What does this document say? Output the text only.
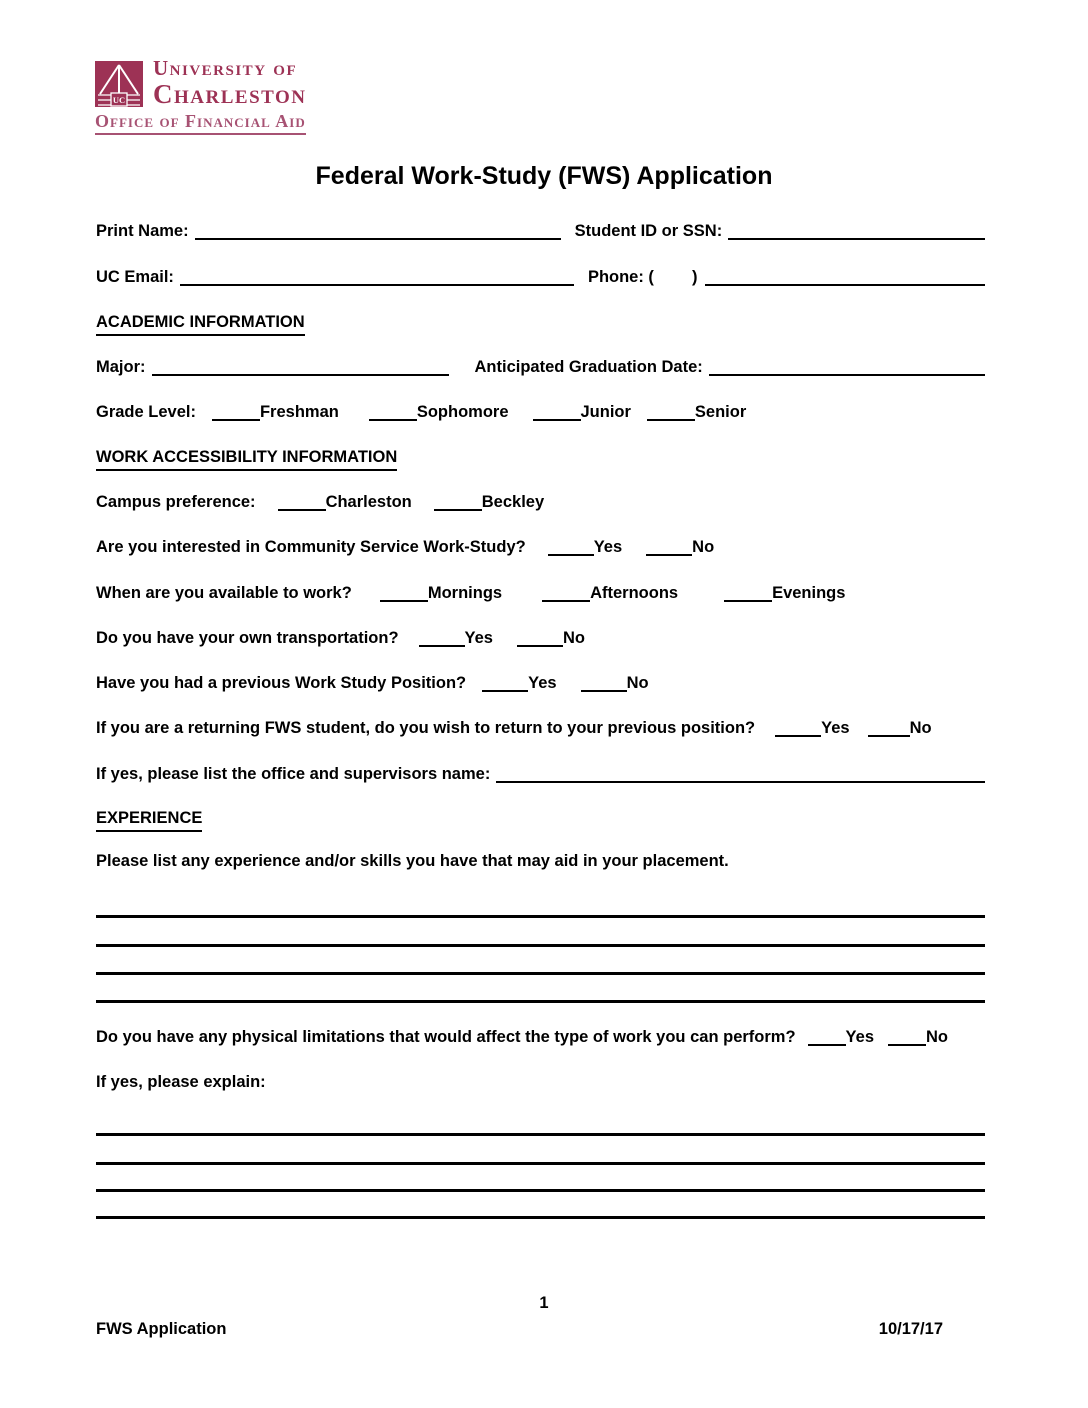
UC
University of
Charleston
Office of Financial Aid
Federal Work-Study (FWS) Application
Print Name:	Student ID or SSN:
UC Email:	Phone: ( )
ACADEMIC INFORMATION
Major:	Anticipated Graduation Date:
Grade Level:	Freshman	Sophomore	Junior	Senior
WORK ACCESSIBILITY INFORMATION
Campus preference:	Charleston	Beckley
Are you interested in Community Service Work-Study?	Yes	No
When are you available to work?	Mornings	Afternoons	Evenings
Do you have your own transportation?	Yes	No
Have you had a previous Work Study Position?	Yes	No
If you are a returning FWS student, do you wish to return to your previous position?	Yes	No
If yes, please list the office and supervisors name:
EXPERIENCE
Please list any experience and/or skills you have that may aid in your placement.
Do you have any physical limitations that would affect the type of work you can perform?	Yes	No
If yes, please explain:
1
FWS Application	10/17/17
